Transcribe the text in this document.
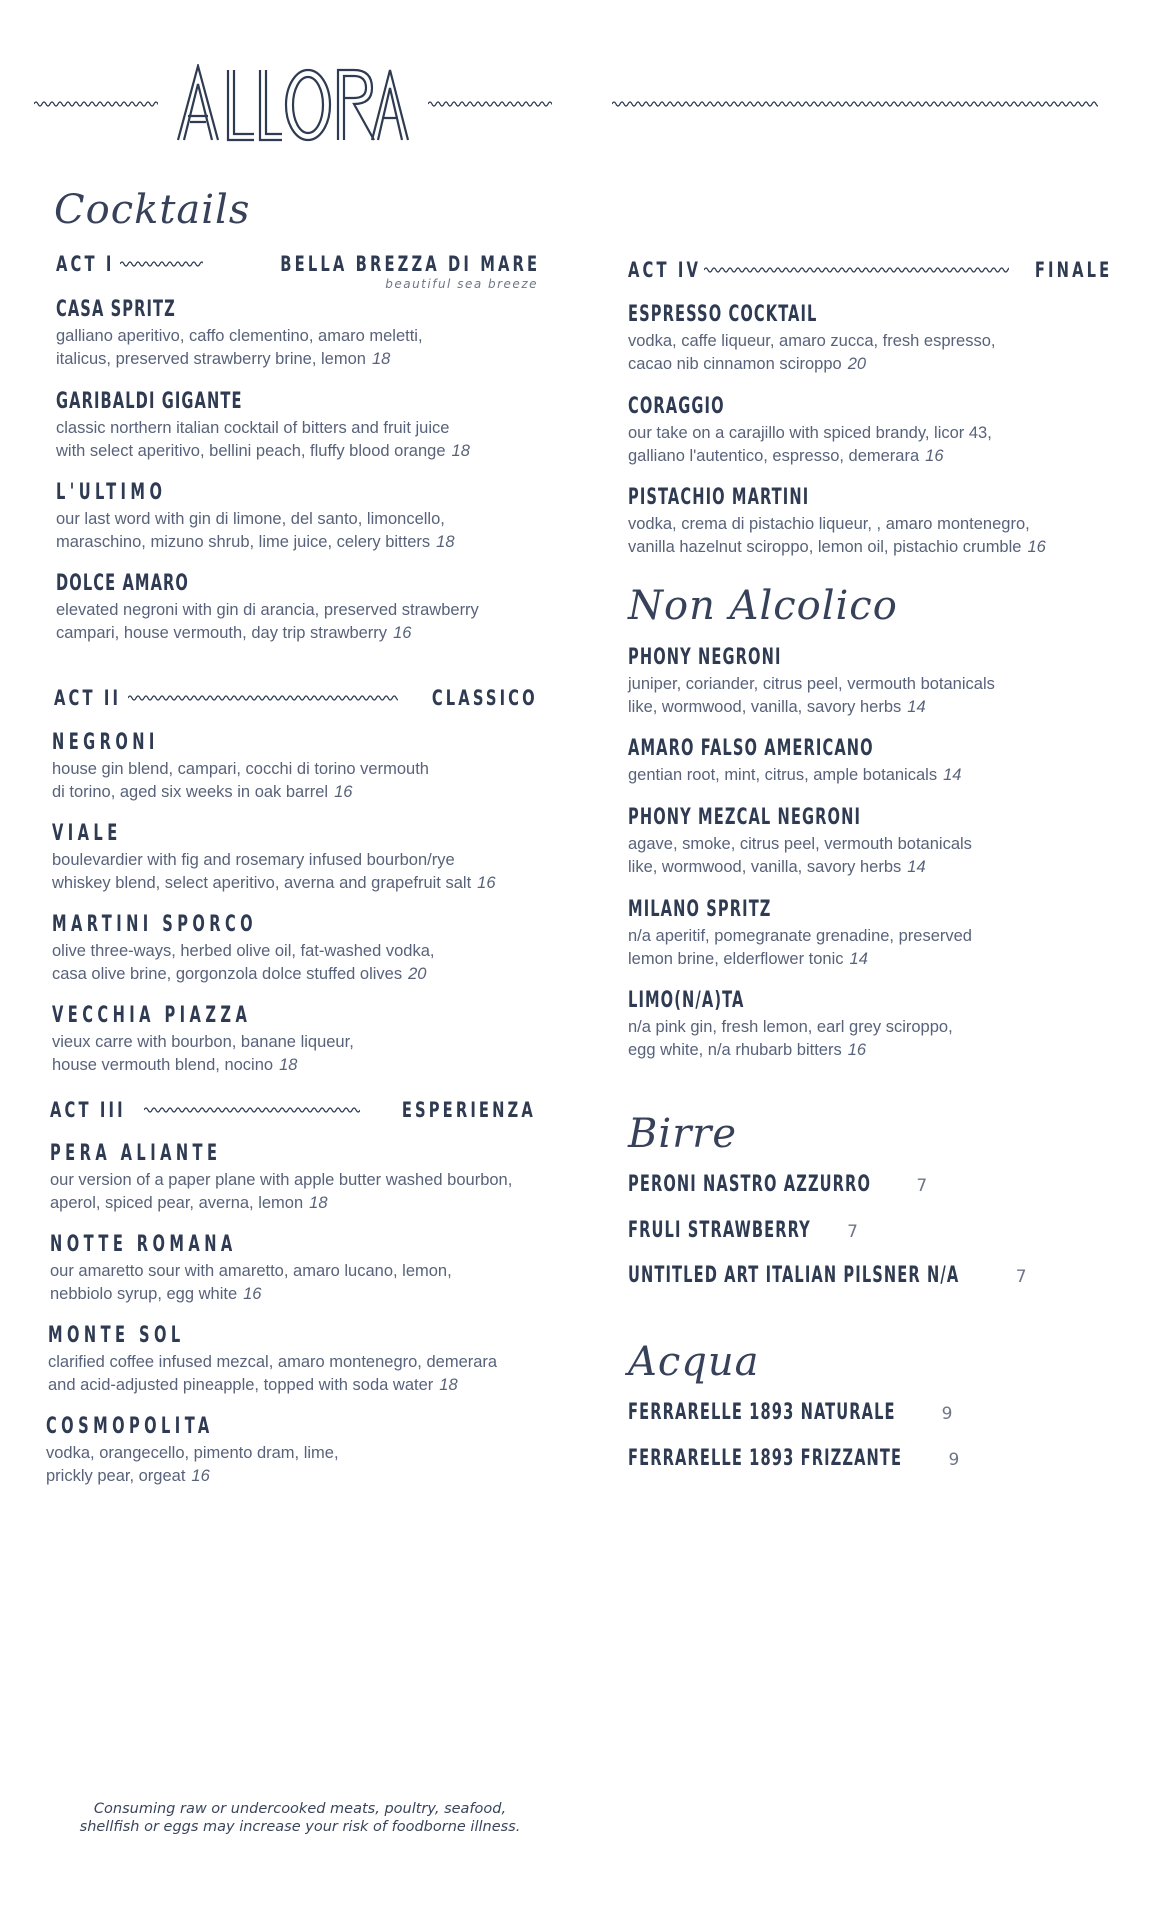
Cocktails
ACT I	BELLA BREZZA DI MARE
beautiful sea breeze
CASA SPRITZ
galliano aperitivo, caffo clementino, amaro meletti,
italicus, preserved strawberry brine, lemon 18
GARIBALDI GIGANTE
classic northern italian cocktail of bitters and fruit juice
with select aperitivo, bellini peach, fluffy blood orange 18
L'ULTIMO
our last word with gin di limone, del santo, limoncello,
maraschino, mizuno shrub, lime juice, celery bitters 18
DOLCE AMARO
elevated negroni with gin di arancia, preserved strawberry
campari, house vermouth, day trip strawberry 16
ACT II	CLASSICO
NEGRONI
house gin blend, campari, cocchi di torino vermouth
di torino, aged six weeks in oak barrel 16
VIALE
boulevardier with fig and rosemary infused bourbon/rye
whiskey blend, select aperitivo, averna and grapefruit salt 16
MARTINI SPORCO
olive three-ways, herbed olive oil, fat-washed vodka,
casa olive brine, gorgonzola dolce stuffed olives 20
VECCHIA PIAZZA
vieux carre with bourbon, banane liqueur,
house vermouth blend, nocino 18
ACT III	ESPERIENZA
PERA ALIANTE
our version of a paper plane with apple butter washed bourbon,
aperol, spiced pear, averna, lemon 18
NOTTE ROMANA
our amaretto sour with amaretto, amaro lucano, lemon,
nebbiolo syrup, egg white 16
MONTE SOL
clarified coffee infused mezcal, amaro montenegro, demerara
and acid-adjusted pineapple, topped with soda water 18
COSMOPOLITA
vodka, orangecello, pimento dram, lime,
prickly pear, orgeat 16
ACT IV	FINALE
ESPRESSO COCKTAIL
vodka, caffe liqueur, amaro zucca, fresh espresso,
cacao nib cinnamon sciroppo 20
CORAGGIO
our take on a carajillo with spiced brandy, licor 43,
galliano l'autentico, espresso, demerara 16
PISTACHIO MARTINI
vodka, crema di pistachio liqueur, , amaro montenegro,
vanilla hazelnut sciroppo, lemon oil, pistachio crumble 16
Non Alcolico
PHONY NEGRONI
juniper, coriander, citrus peel, vermouth botanicals
like, wormwood, vanilla, savory herbs 14
AMARO FALSO AMERICANO
gentian root, mint, citrus, ample botanicals 14
PHONY MEZCAL NEGRONI
agave, smoke, citrus peel, vermouth botanicals
like, wormwood, vanilla, savory herbs 14
MILANO SPRITZ
n/a aperitif, pomegranate grenadine, preserved
lemon brine, elderflower tonic 14
LIMO(N/A)TA
n/a pink gin, fresh lemon, earl grey sciroppo,
egg white, n/a rhubarb bitters 16
Birre
PERONI NASTRO AZZURRO	7
FRULI STRAWBERRY 7
UNTITLED ART ITALIAN PILSNER N/A	7
Acqua
FERRARELLE 1893 NATURALE	9
FERRARELLE 1893 FRIZZANTE	9
Consuming raw or undercooked meats, poultry, seafood,
shellfish or eggs may increase your risk of foodborne illness.
